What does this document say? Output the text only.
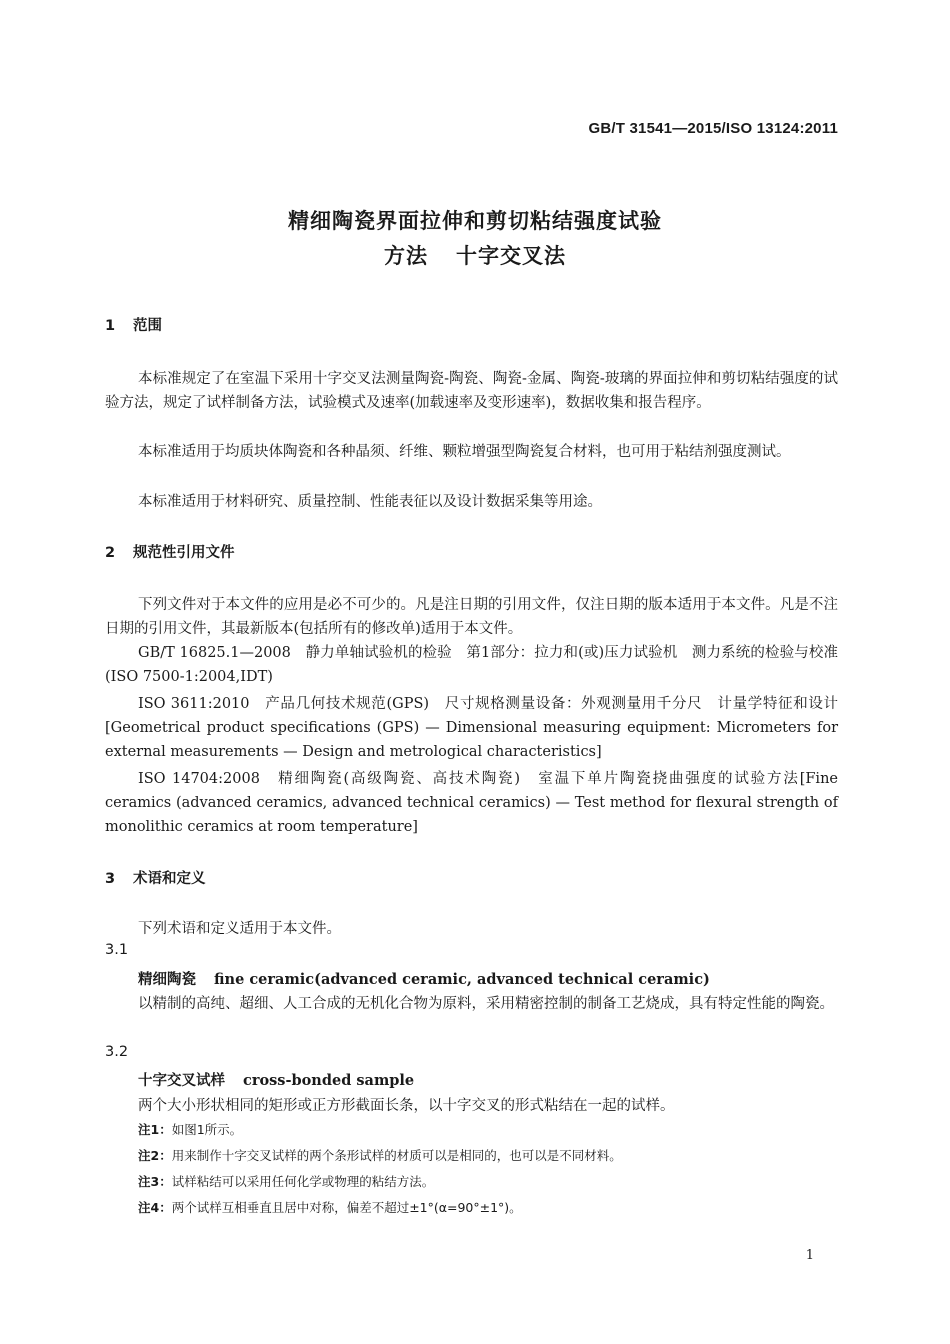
GB/T 31541—2015/ISO 13124:2011
精细陶瓷界面拉伸和剪切粘结强度试验
方法 十字交叉法
1 范围
本标准规定了在室温下采用十字交叉法测量陶瓷-陶瓷、陶瓷-金属、陶瓷-玻璃的界面拉伸和剪切粘结强度的试验方法，规定了试样制备方法，试验模式及速率(加载速率及变形速率)，数据收集和报告程序。
本标准适用于均质块体陶瓷和各种晶须、纤维、颗粒增强型陶瓷复合材料，也可用于粘结剂强度测试。
本标准适用于材料研究、质量控制、性能表征以及设计数据采集等用途。
2 规范性引用文件
下列文件对于本文件的应用是必不可少的。凡是注日期的引用文件，仅注日期的版本适用于本文件。凡是不注日期的引用文件，其最新版本(包括所有的修改单)适用于本文件。
GB/T 16825.1—2008　静力单轴试验机的检验　第1部分：拉力和(或)压力试验机　测力系统的检验与校准(ISO 7500-1:2004,IDT)
ISO 3611:2010　产品几何技术规范(GPS)　尺寸规格测量设备：外观测量用千分尺　计量学特征和设计[Geometrical product specifications (GPS) — Dimensional measuring equipment: Micrometers for external measurements — Design and metrological characteristics]
ISO 14704:2008　精细陶瓷(高级陶瓷、高技术陶瓷)　室温下单片陶瓷挠曲强度的试验方法[Fine ceramics (advanced ceramics, advanced technical ceramics) — Test method for flexural strength of monolithic ceramics at room temperature]
3 术语和定义
下列术语和定义适用于本文件。
3.1
精细陶瓷 fine ceramic(advanced ceramic, advanced technical ceramic)
以精制的高纯、超细、人工合成的无机化合物为原料，采用精密控制的制备工艺烧成，具有特定性能的陶瓷。
3.2
十字交叉试样 cross-bonded sample
两个大小形状相同的矩形或正方形截面长条，以十字交叉的形式粘结在一起的试样。
注1：如图1所示。
注2：用来制作十字交叉试样的两个条形试样的材质可以是相同的，也可以是不同材料。
注3：试样粘结可以采用任何化学或物理的粘结方法。
注4：两个试样互相垂直且居中对称，偏差不超过±1°(α=90°±1°)。
1
